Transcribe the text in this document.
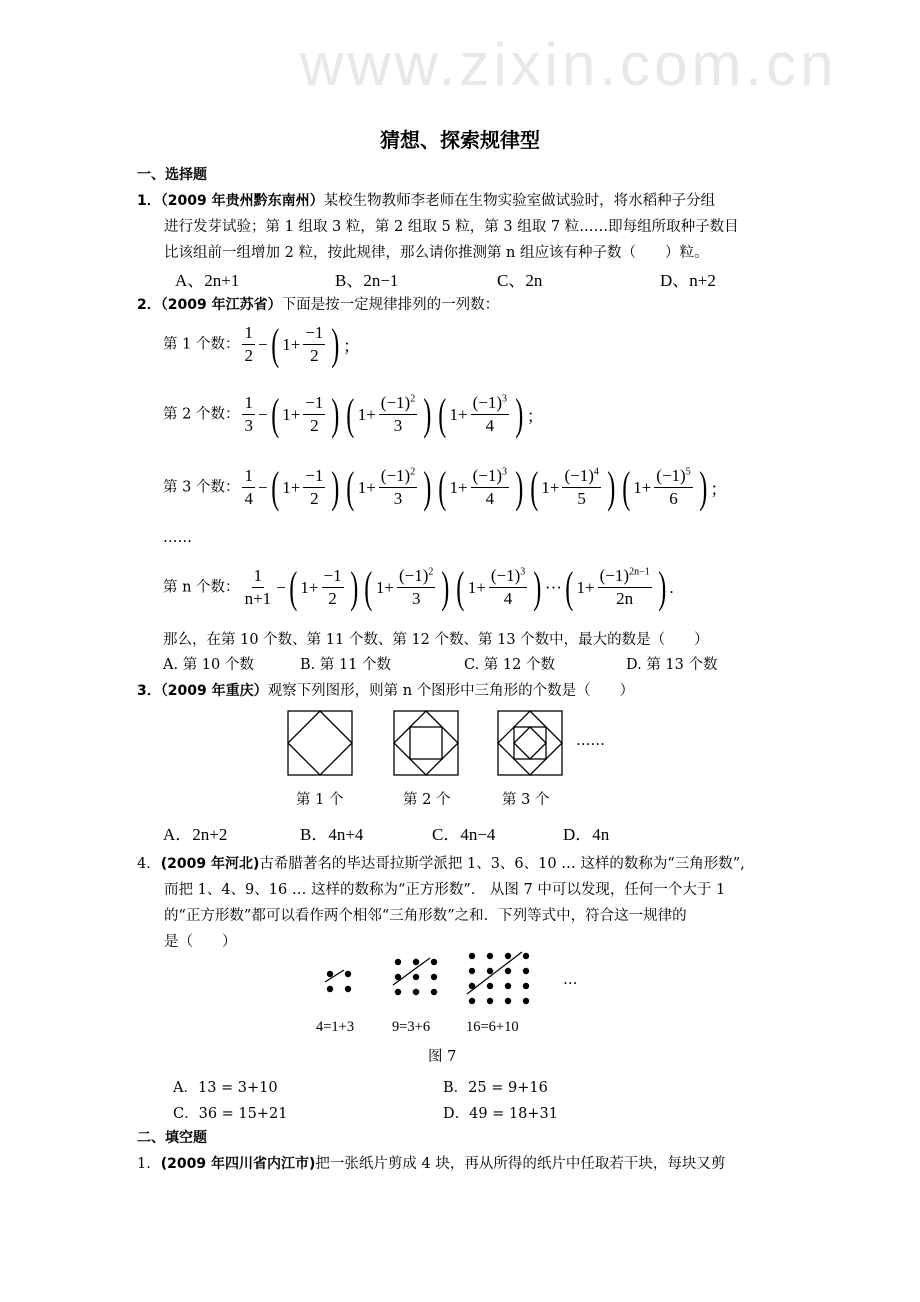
www.zixin.com.cn
猜想、探索规律型
一、选择题
1．（2009 年贵州黔东南州）某校生物教师李老师在生物实验室做试验时，将水稻种子分组
进行发芽试验；第 1 组取 3 粒，第 2 组取 5 粒，第 3 组取 7 粒……即每组所取种子数目
比该组前一组增加 2 粒，按此规律，那么请你推测第 n 组应该有种子数（　　）粒。
A、2n+1	B、2n−1	C、2n	D、n+2
2．（2009 年江苏省）下面是按一定规律排列的一列数：
第 1 个数： $\frac{1}{2}$ − ( $1+ \frac{-1}{2}$ ) ；
第 2 个数： $\frac{1}{3}$ − ( $1+ \frac{-1}{2}$ ) ( $1+ \frac{(-1)^2}{3}$ ) ( $1+ \frac{(-1)^3}{4}$ ) ；
第 3 个数： $\frac{1}{4}$ − ( $1+ \frac{-1}{2}$ ) ( $1+ \frac{(-1)^2}{3}$ ) ( $1+ \frac{(-1)^3}{4}$ ) ( $1+ \frac{(-1)^4}{5}$ ) ( $1+ \frac{(-1)^5}{6}$ ) ；
……
第 n 个数： $\frac{1}{n+1}$ − ( $1+ \frac{-1}{2}$ ) ( $1+ \frac{(-1)^2}{3}$ ) ( $1+ \frac{(-1)^3}{4}$ ) ··· ( $1+ \frac{(-1)^{2n-1}}{2n}$ ) .
那么，在第 10 个数、第 11 个数、第 12 个数、第 13 个数中，最大的数是（　　）
A. 第 10 个数	B. 第 11 个数	C. 第 12 个数	D. 第 13 个数
3．（2009 年重庆）观察下列图形，则第 n 个图形中三角形的个数是（　　）
……
第 1 个	第 2 个	第 3 个
A．2n+2	B．4n+4	C．4n−4	D．4n
4．(2009 年河北)古希腊著名的毕达哥拉斯学派把 1、3、6、10 … 这样的数称为“三角形数”,
而把 1、4、9、16 … 这样的数称为“正方形数”． 从图 7 中可以发现，任何一个大于 1
的“正方形数”都可以看作两个相邻“三角形数”之和．下列等式中，符合这一规律的
是（　　）
…
4=1+3	9=3+6 16=6+10
图 7
A．13 = 3+10	B．25 = 9+16
C．36 = 15+21	D．49 = 18+31
二、填空题
1．(2009 年四川省内江市)把一张纸片剪成 4 块，再从所得的纸片中任取若干块，每块又剪
